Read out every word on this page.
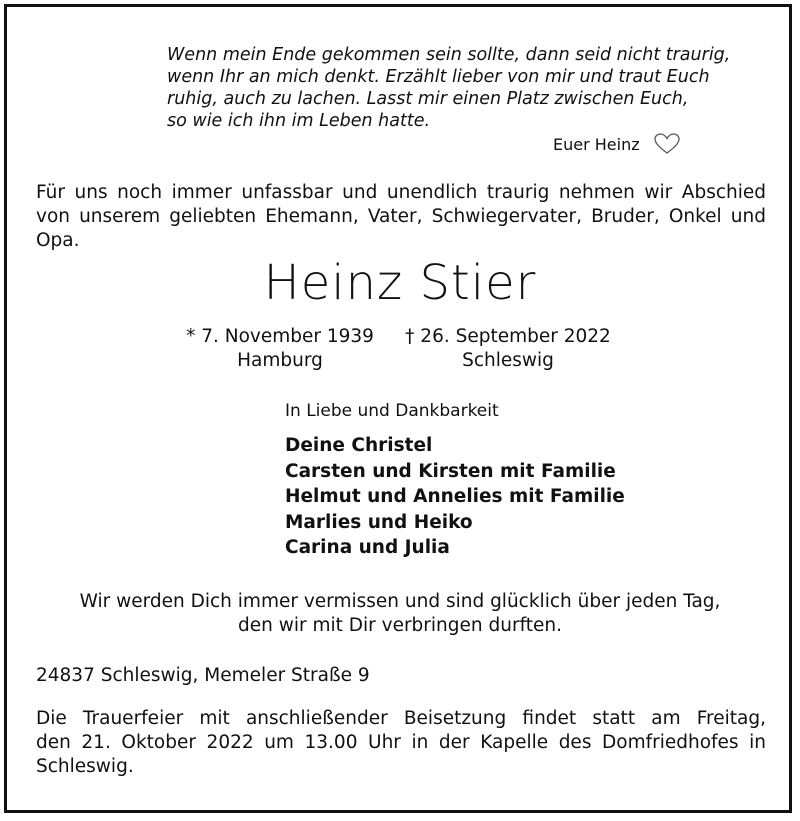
Wenn mein Ende gekommen sein sollte, dann seid nicht traurig,
wenn Ihr an mich denkt. Erzählt lieber von mir und traut Euch
ruhig, auch zu lachen. Lasst mir einen Platz zwischen Euch,
so wie ich ihn im Leben hatte.
Euer Heinz
Für uns noch immer unfassbar und unendlich traurig nehmen wir Abschied
von unserem geliebten Ehemann, Vater, Schwiegervater, Bruder, Onkel und
Opa.
Heinz Stier
* 7. November 1939
Hamburg
† 26. September 2022
Schleswig
In Liebe und Dankbarkeit
Deine Christel
Carsten und Kirsten mit Familie
Helmut und Annelies mit Familie
Marlies und Heiko
Carina und Julia
Wir werden Dich immer vermissen und sind glücklich über jeden Tag,
den wir mit Dir verbringen durften.
24837 Schleswig, Memeler Straße 9
Die Trauerfeier mit anschließender Beisetzung findet statt am Freitag,
den 21. Oktober 2022 um 13.00 Uhr in der Kapelle des Domfriedhofes in
Schleswig.
